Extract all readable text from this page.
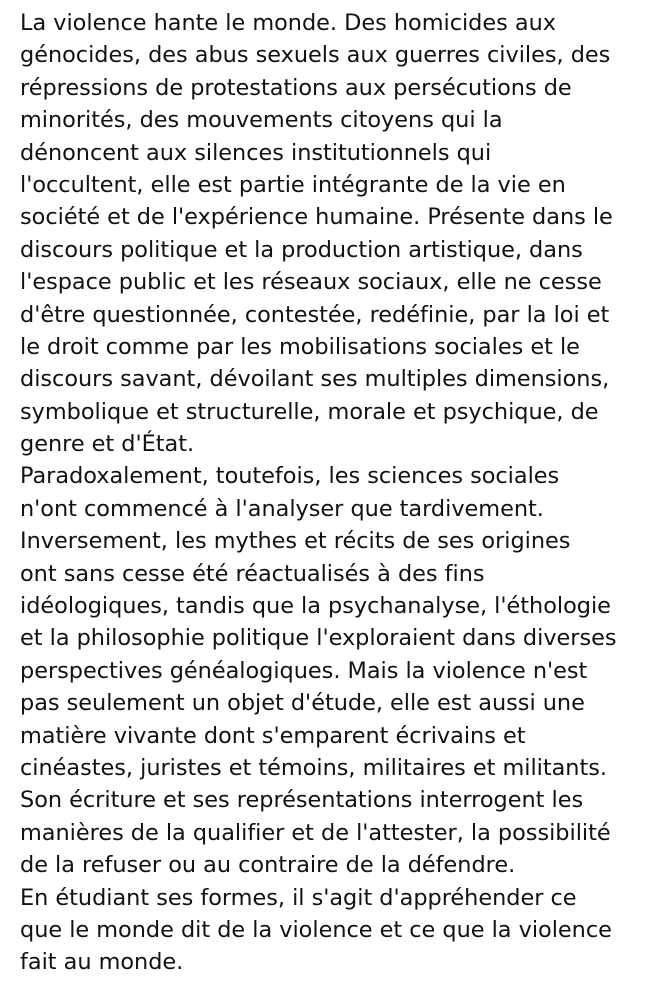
La violence hante le monde. Des homicides aux
génocides, des abus sexuels aux guerres civiles, des
répressions de protestations aux persécutions de
minorités, des mouvements citoyens qui la
dénoncent aux silences institutionnels qui
l'occultent, elle est partie intégrante de la vie en
société et de l'expérience humaine. Présente dans le
discours politique et la production artistique, dans
l'espace public et les réseaux sociaux, elle ne cesse
d'être questionnée, contestée, redéfinie, par la loi et
le droit comme par les mobilisations sociales et le
discours savant, dévoilant ses multiples dimensions,
symbolique et structurelle, morale et psychique, de
genre et d'État.
Paradoxalement, toutefois, les sciences sociales
n'ont commencé à l'analyser que tardivement.
Inversement, les mythes et récits de ses origines
ont sans cesse été réactualisés à des fins
idéologiques, tandis que la psychanalyse, l'éthologie
et la philosophie politique l'exploraient dans diverses
perspectives généalogiques. Mais la violence n'est
pas seulement un objet d'étude, elle est aussi une
matière vivante dont s'emparent écrivains et
cinéastes, juristes et témoins, militaires et militants.
Son écriture et ses représentations interrogent les
manières de la qualifier et de l'attester, la possibilité
de la refuser ou au contraire de la défendre.
En étudiant ses formes, il s'agit d'appréhender ce
que le monde dit de la violence et ce que la violence
fait au monde.
